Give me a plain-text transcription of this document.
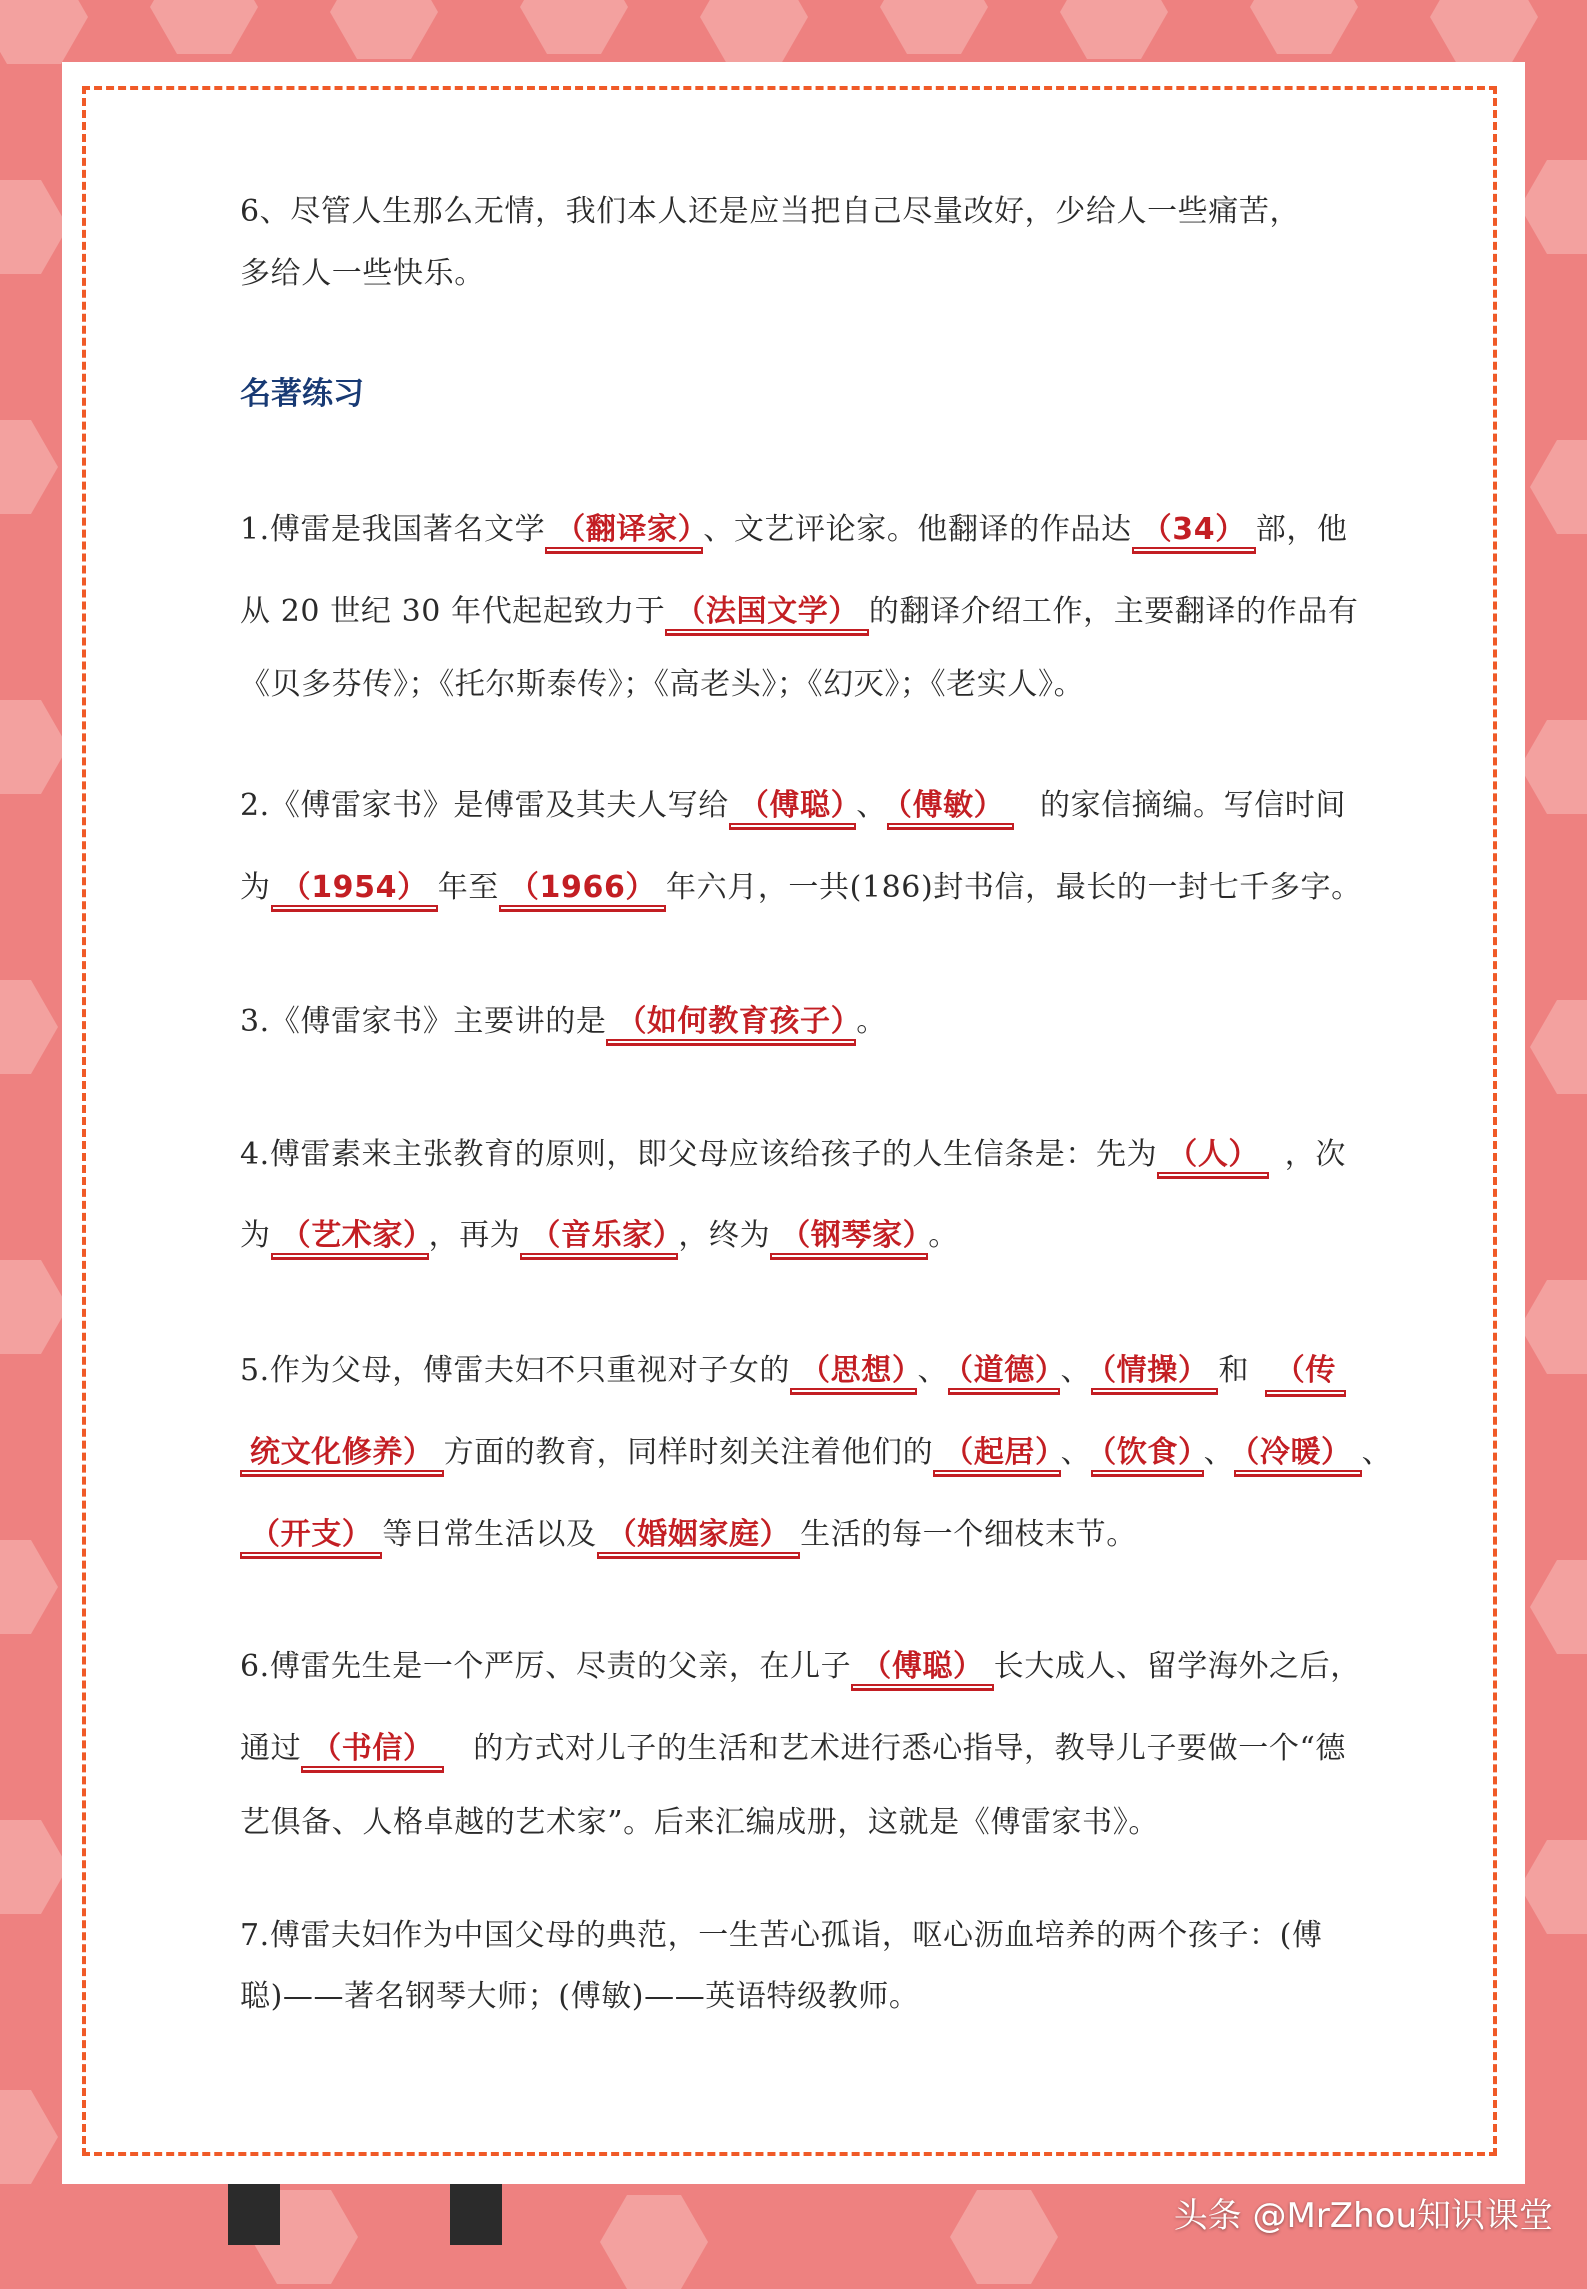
6、尽管人生那么无情，我们本人还是应当把自己尽量改好，少给人一些痛苦，
多给人一些快乐。
名著练习
1.傅雷是我国著名文学 （翻译家） 、文艺评论家。他翻译的作品达 （34） 部，他
从 20 世纪 30 年代起起致力于 （法国文学） 的翻译介绍工作，主要翻译的作品有
《贝多芬传》；《托尔斯泰传》；《高老头》；《幻灭》；《老实人》。
2.《傅雷家书》是傅雷及其夫人写给 （傅聪） 、 （傅敏）	的家信摘编。写信时间
为 （1954） 年至 （1966） 年六月，一共(186)封书信，最长的一封七千多字。
3.《傅雷家书》主要讲的是 （如何教育孩子） 。
4.傅雷素来主张教育的原则，即父母应该给孩子的人生信条是：先为 （人） ，次
为 （艺术家） ，再为 （音乐家） ，终为 （钢琴家） 。
5.作为父母，傅雷夫妇不只重视对子女的 （思想） 、 （道德） 、 （情操） 和 （传
统文化修养） 方面的教育，同样时刻关注着他们的 （起居） 、 （饮食） 、 （冷暖） 、
（开支） 等日常生活以及 （婚姻家庭） 生活的每一个细枝末节。
6.傅雷先生是一个严厉、尽责的父亲，在儿子 （傅聪） 长大成人、留学海外之后，
通过 （书信）	的方式对儿子的生活和艺术进行悉心指导，教导儿子要做一个“德
艺俱备、人格卓越的艺术家”。后来汇编成册，这就是《傅雷家书》。
7.傅雷夫妇作为中国父母的典范，一生苦心孤诣，呕心沥血培养的两个孩子：(傅
聪)——著名钢琴大师；(傅敏)——英语特级教师。
头条 @MrZhou知识课堂
